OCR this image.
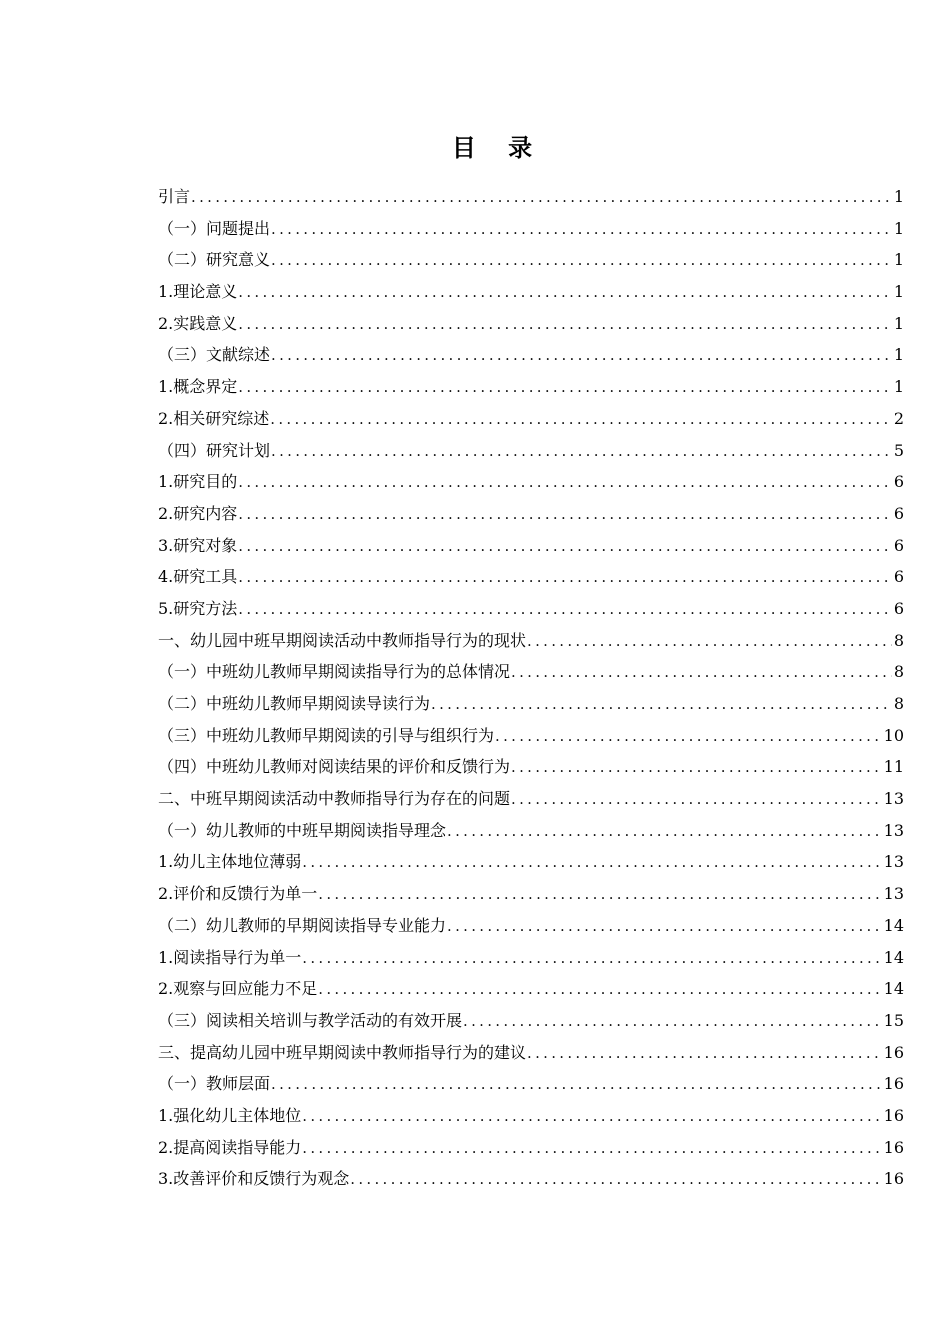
目 录
引言 .....	1
（一）问题提出 .....	1
（二）研究意义 .....	1
1.理论意义 .....	1
2.实践意义 .....	1
（三）文献综述 .....	1
1.概念界定 .....	1
2.相关研究综述 .....	2
（四）研究计划 .....	5
1.研究目的 .....	6
2.研究内容 .....	6
3.研究对象 .....	6
4.研究工具 .....	6
5.研究方法 .....	6
一、幼儿园中班早期阅读活动中教师指导行为的现状 .....	8
（一）中班幼儿教师早期阅读指导行为的总体情况 .....	8
（二）中班幼儿教师早期阅读导读行为 .....	8
（三）中班幼儿教师早期阅读的引导与组织行为 .....	10
（四）中班幼儿教师对阅读结果的评价和反馈行为 .....	11
二、中班早期阅读活动中教师指导行为存在的问题 .....	13
（一）幼儿教师的中班早期阅读指导理念 .....	13
1.幼儿主体地位薄弱 .....	13
2.评价和反馈行为单一 .....	13
（二）幼儿教师的早期阅读指导专业能力 .....	14
1.阅读指导行为单一 .....	14
2.观察与回应能力不足 .....	14
（三）阅读相关培训与教学活动的有效开展 .....	15
三、提高幼儿园中班早期阅读中教师指导行为的建议 .....	16
（一）教师层面 .....	16
1.强化幼儿主体地位 .....	16
2.提高阅读指导能力 .....	16
3.改善评价和反馈行为观念 .....	16
